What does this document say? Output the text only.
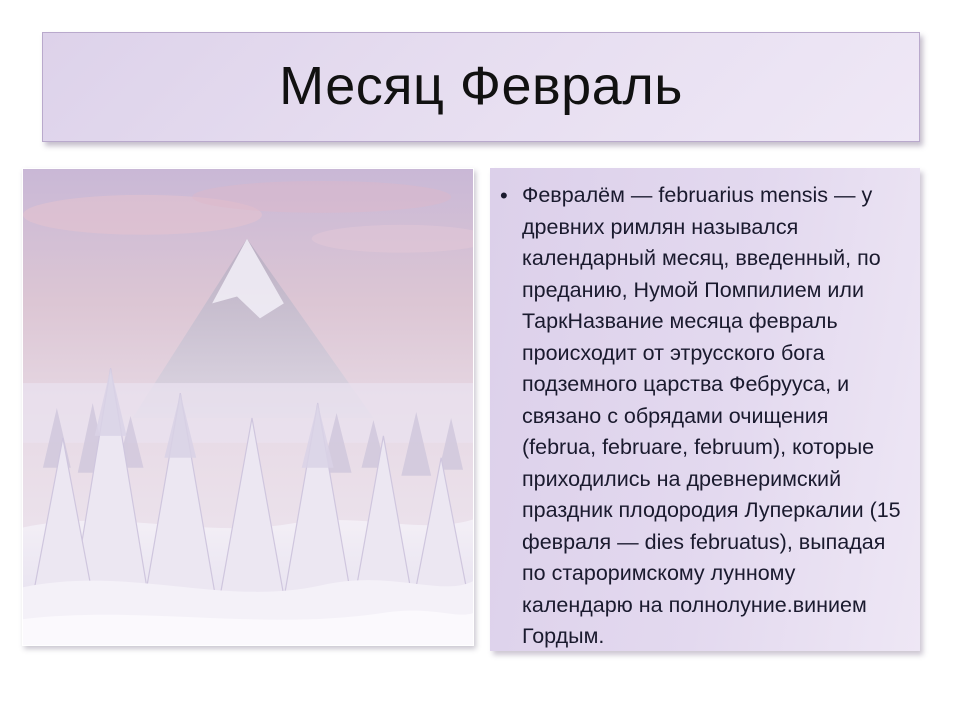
Месяц Февраль
• Февралём — februarius mensis — у древних римлян назывался календарный месяц, введенный, по преданию, Нумой Помпилием или ТаркНазвание месяца февраль происходит от этрусского бога подземного царства Фебрууса, и связано с обрядами очищения (februa, februare, februum), которые приходились на древнеримский праздник плодородия Луперкалии (15 февраля — dies februatus), выпадая по староримскому лунному календарю на полнолуние.винием Гордым.
